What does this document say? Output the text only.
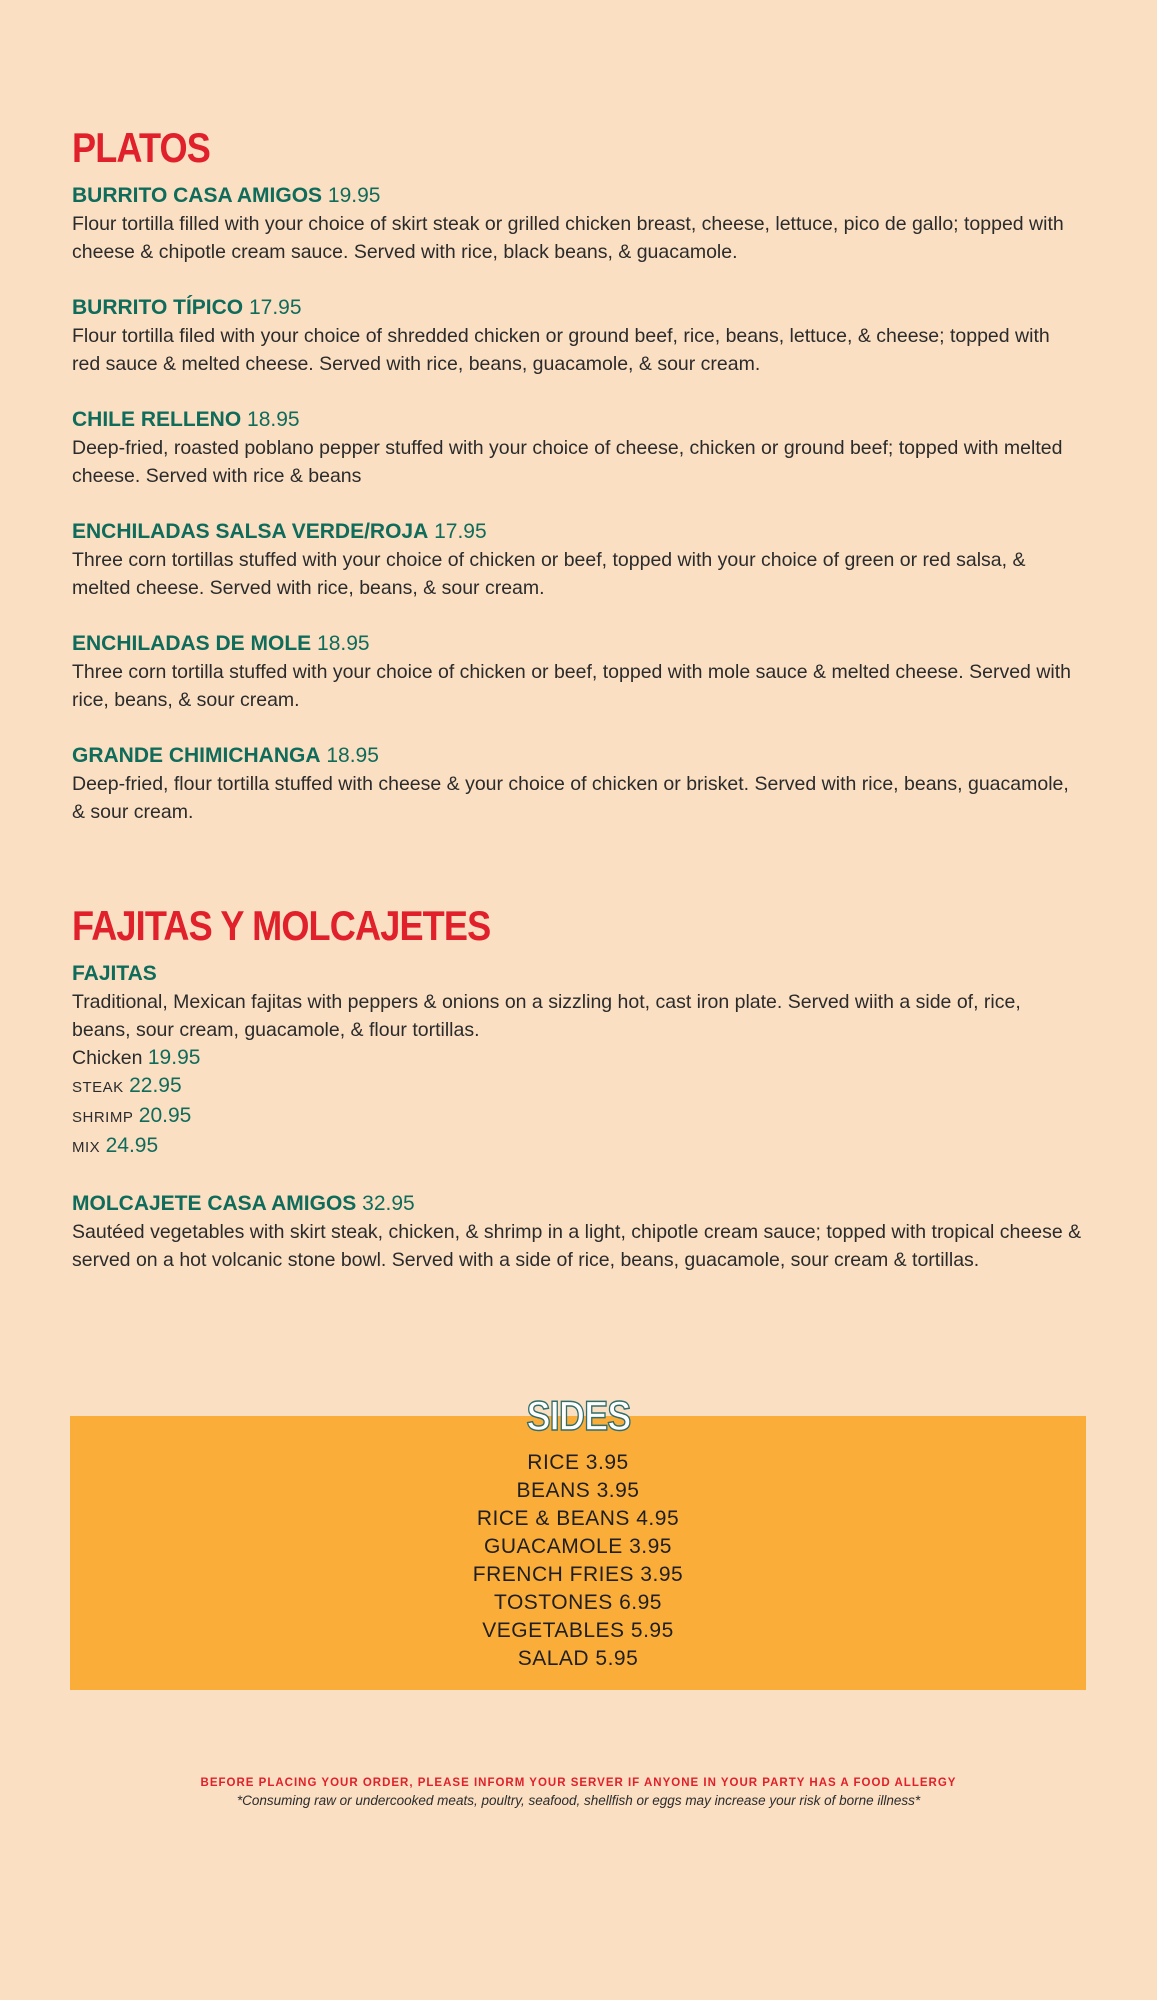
PLATOS
BURRITO CASA AMIGOS 19.95
Flour tortilla filled with your choice of skirt steak or grilled chicken breast, cheese, lettuce, pico de gallo; topped with cheese & chipotle cream sauce. Served with rice, black beans, & guacamole.
BURRITO TÍPICO 17.95
Flour tortilla filed with your choice of shredded chicken or ground beef, rice, beans, lettuce, & cheese; topped with red sauce & melted cheese. Served with rice, beans, guacamole, & sour cream.
CHILE RELLENO 18.95
Deep-fried, roasted poblano pepper stuffed with your choice of cheese, chicken or ground beef; topped with melted cheese. Served with rice & beans
ENCHILADAS SALSA VERDE/ROJA 17.95
Three corn tortillas stuffed with your choice of chicken or beef, topped with your choice of green or red salsa, & melted cheese. Served with rice, beans, & sour cream.
ENCHILADAS DE MOLE 18.95
Three corn tortilla stuffed with your choice of chicken or beef, topped with mole sauce & melted cheese. Served with rice, beans, & sour cream.
GRANDE CHIMICHANGA 18.95
Deep-fried, flour tortilla stuffed with cheese & your choice of chicken or brisket. Served with rice, beans, guacamole, & sour cream.
FAJITAS Y MOLCAJETES
FAJITAS
Traditional, Mexican fajitas with peppers & onions on a sizzling hot, cast iron plate. Served wiith a side of, rice, beans, sour cream, guacamole, & flour tortillas.
Chicken 19.95
STEAK 22.95
SHRIMP 20.95
MIX 24.95
MOLCAJETE CASA AMIGOS 32.95
Sautéed vegetables with skirt steak, chicken, & shrimp in a light, chipotle cream sauce; topped with tropical cheese & served on a hot volcanic stone bowl. Served with a side of rice, beans, guacamole, sour cream & tortillas.
SIDES
RICE 3.95
BEANS 3.95
RICE & BEANS 4.95
GUACAMOLE 3.95
FRENCH FRIES 3.95
TOSTONES 6.95
VEGETABLES 5.95
SALAD 5.95
BEFORE PLACING YOUR ORDER, PLEASE INFORM YOUR SERVER IF ANYONE IN YOUR PARTY HAS A FOOD ALLERGY
*Consuming raw or undercooked meats, poultry, seafood, shellfish or eggs may increase your risk of borne illness*
